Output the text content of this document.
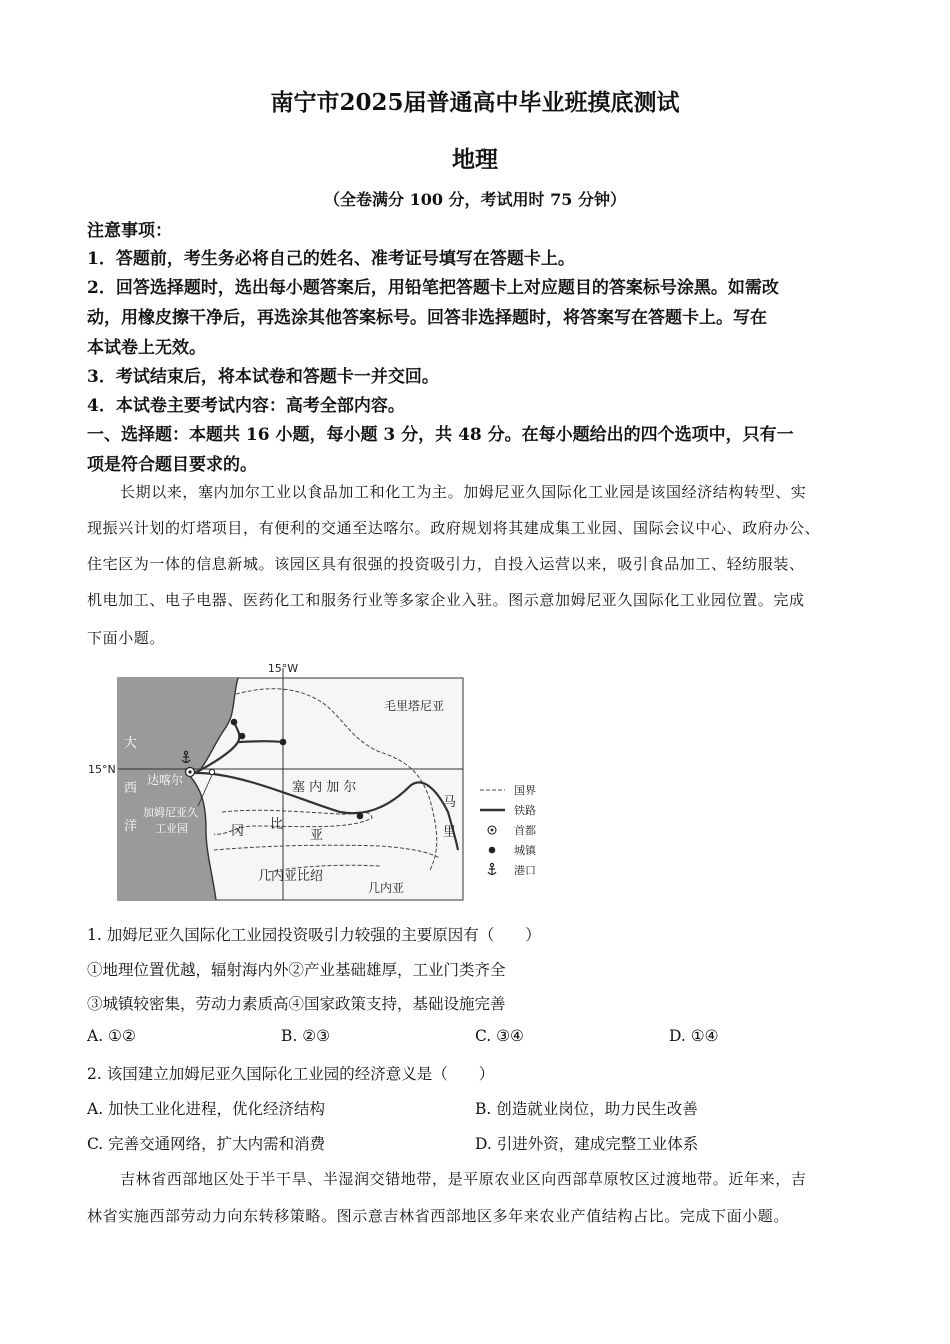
南宁市2025届普通高中毕业班摸底测试
地理
（全卷满分 100 分，考试用时 75 分钟）
注意事项：
1．答题前，考生务必将自己的姓名、准考证号填写在答题卡上。
2．回答选择题时，选出每小题答案后，用铅笔把答题卡上对应题目的答案标号涂黑。如需改
动，用橡皮擦干净后，再选涂其他答案标号。回答非选择题时，将答案写在答题卡上。写在
本试卷上无效。
3．考试结束后，将本试卷和答题卡一并交回。
4．本试卷主要考试内容：高考全部内容。
一、选择题：本题共 16 小题，每小题 3 分，共 48 分。在每小题给出的四个选项中，只有一
项是符合题目要求的。
长期以来，塞内加尔工业以食品加工和化工为主。加姆尼亚久国际化工业园是该国经济结构转型、实
现振兴计划的灯塔项目，有便利的交通至达喀尔。政府规划将其建成集工业园、国际会议中心、政府办公、
住宅区为一体的信息新城。该园区具有很强的投资吸引力，自投入运营以来，吸引食品加工、轻纺服装、
机电加工、电子电器、医药化工和服务行业等多家企业入驻。图示意加姆尼亚久国际化工业园位置。完成
下面小题。
15°W
15°N
大
西
洋
毛里塔尼亚
塞 内 加 尔
马
里
达喀尔
加姆尼亚久
工业园	冈 比
亚
几内亚比绍
几内亚
国界
铁路
首都
城镇
港口
1. 加姆尼亚久国际化工业园投资吸引力较强的主要原因有（　　）
①地理位置优越，辐射海内外②产业基础雄厚，工业门类齐全
③城镇较密集，劳动力素质高④国家政策支持，基础设施完善
A. ①②	B. ②③	C. ③④	D. ①④
2. 该国建立加姆尼亚久国际化工业园的经济意义是（　　）
A. 加快工业化进程，优化经济结构	B. 创造就业岗位，助力民生改善
C. 完善交通网络，扩大内需和消费	D. 引进外资，建成完整工业体系
吉林省西部地区处于半干旱、半湿润交错地带，是平原农业区向西部草原牧区过渡地带。近年来，吉
林省实施西部劳动力向东转移策略。图示意吉林省西部地区多年来农业产值结构占比。完成下面小题。
